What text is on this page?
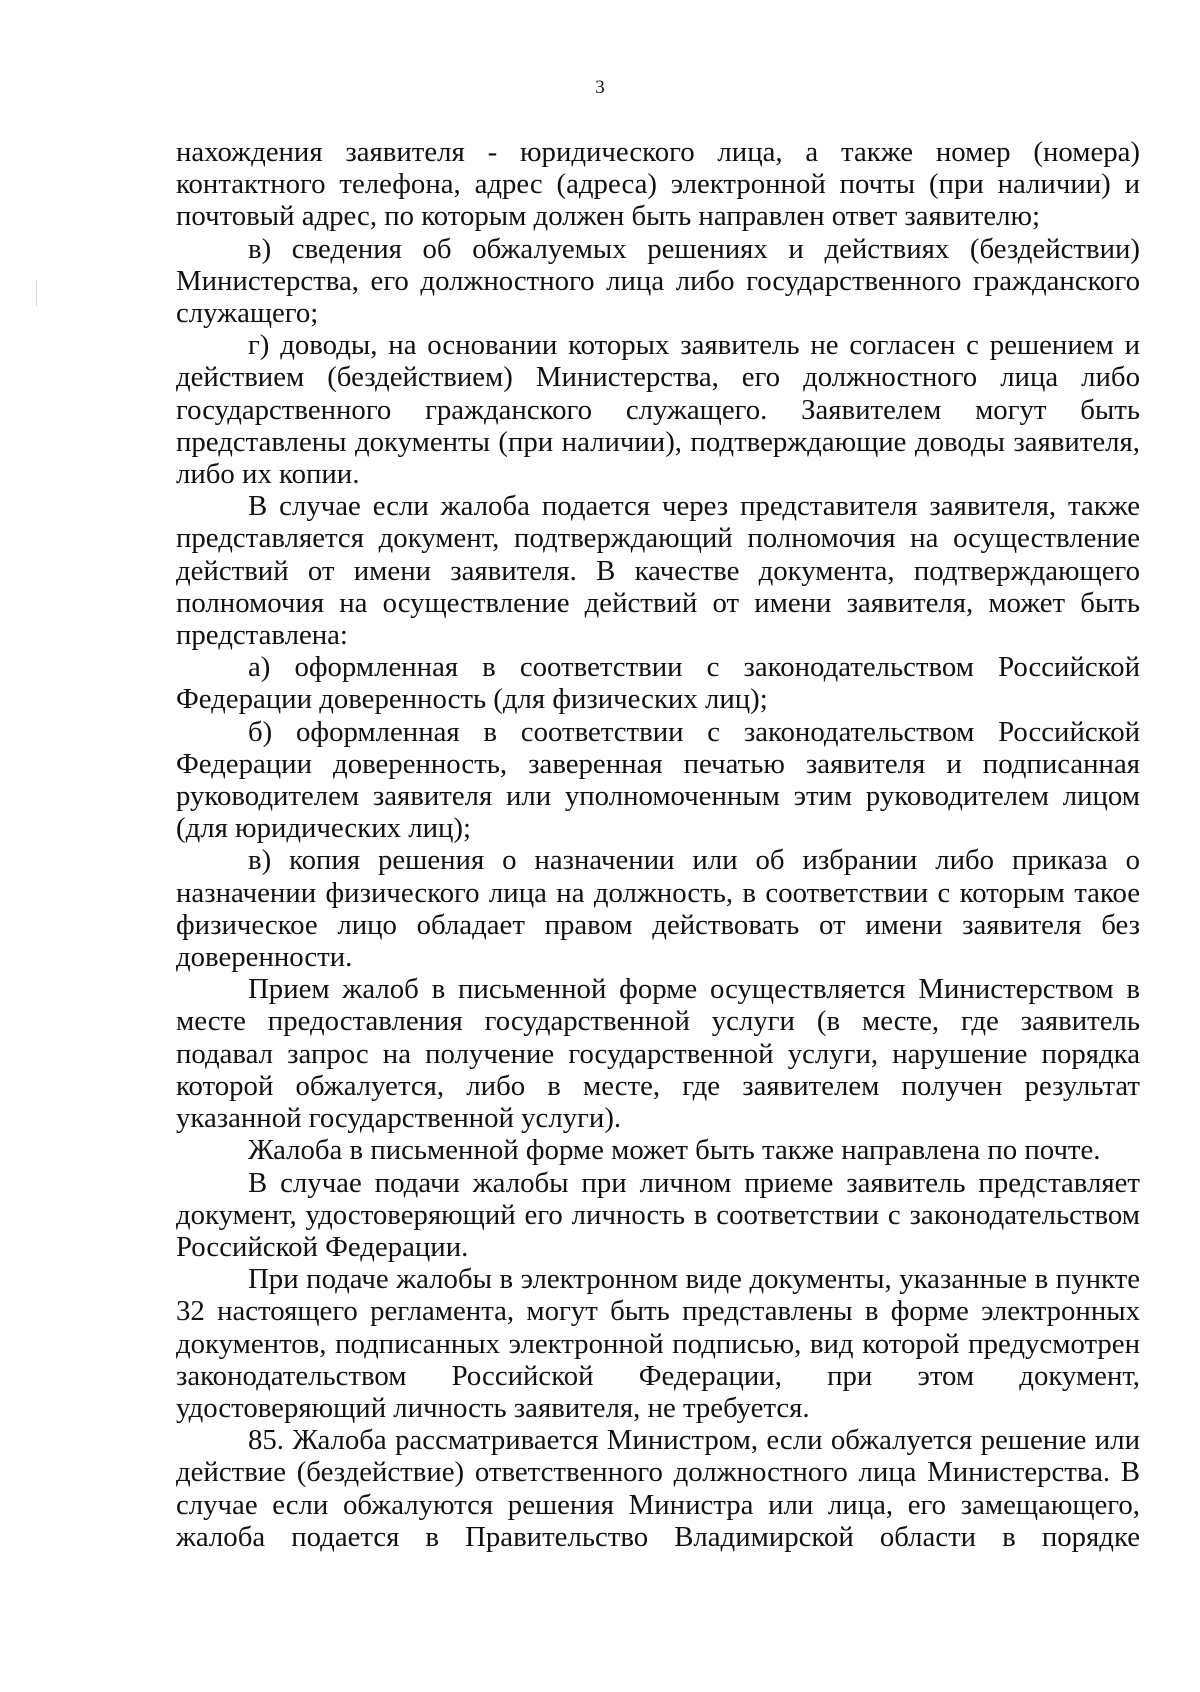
3

нахождения заявителя - юридического лица, а также номер (номера) контактного телефона, адрес (адреса) электронной почты (при наличии) и почтовый адрес, по которым должен быть направлен ответ заявителю;

в) сведения об обжалуемых решениях и действиях (бездействии) Министерства, его должностного лица либо государственного гражданского служащего;

г) доводы, на основании которых заявитель не согласен с решением и действием (бездействием) Министерства, его должностного лица либо государственного гражданского служащего. Заявителем могут быть представлены документы (при наличии), подтверждающие доводы заявителя, либо их копии.

В случае если жалоба подается через представителя заявителя, также представляется документ, подтверждающий полномочия на осуществление действий от имени заявителя. В качестве документа, подтверждающего полномочия на осуществление действий от имени заявителя, может быть представлена:

а) оформленная в соответствии с законодательством Российской Федерации доверенность (для физических лиц);

б) оформленная в соответствии с законодательством Российской Федерации доверенность, заверенная печатью заявителя и подписанная руководителем заявителя или уполномоченным этим руководителем лицом (для юридических лиц);

в) копия решения о назначении или об избрании либо приказа о назначении физического лица на должность, в соответствии с которым такое физическое лицо обладает правом действовать от имени заявителя без доверенности.

Прием жалоб в письменной форме осуществляется Министерством в месте предоставления государственной услуги (в месте, где заявитель подавал запрос на получение государственной услуги, нарушение порядка которой обжалуется, либо в месте, где заявителем получен результат указанной государственной услуги).

Жалоба в письменной форме может быть также направлена по почте.

В случае подачи жалобы при личном приеме заявитель представляет документ, удостоверяющий его личность в соответствии с законодательством Российской Федерации.

При подаче жалобы в электронном виде документы, указанные в пункте 32 настоящего регламента, могут быть представлены в форме электронных документов, подписанных электронной подписью, вид которой предусмотрен законодательством Российской Федерации, при этом документ, удостоверяющий личность заявителя, не требуется.

85. Жалоба рассматривается Министром, если обжалуется решение или действие (бездействие) ответственного должностного лица Министерства. В случае если обжалуются решения Министра или лица, его замещающего, жалоба подается в Правительство Владимирской области в порядке
